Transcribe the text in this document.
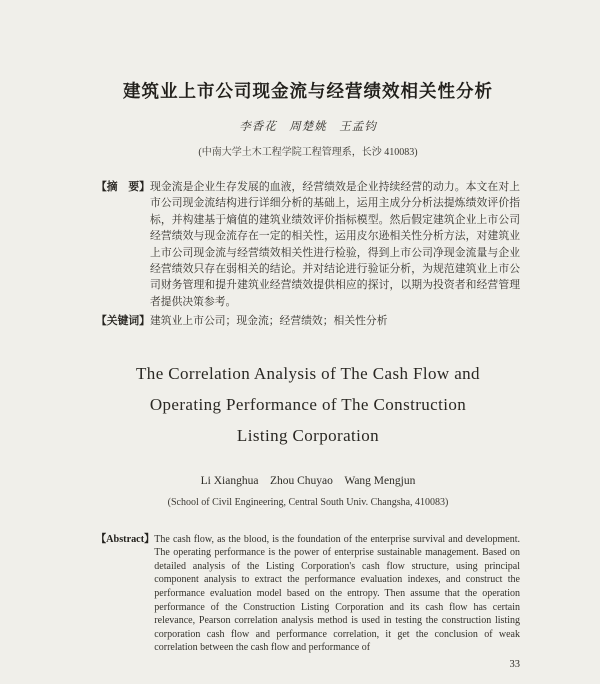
建筑业上市公司现金流与经营绩效相关性分析
李香花　周楚姚　王孟钧
(中南大学土木工程学院工程管理系，长沙 410083)
【摘　要】 现金流是企业生存发展的血液，经营绩效是企业持续经营的动力。本文在对上市公司现金流结构进行详细分析的基础上，运用主成分分析法提炼绩效评价指标，并构建基于熵值的建筑业绩效评价指标模型。然后假定建筑企业上市公司经营绩效与现金流存在一定的相关性，运用皮尔逊相关性分析方法，对建筑业上市公司现金流与经营绩效相关性进行检验，得到上市公司净现金流量与企业经营绩效只存在弱相关的结论。并对结论进行验证分析，为规范建筑业上市公司财务管理和提升建筑业经营绩效提供相应的探讨，以期为投资者和经营管理者提供决策参考。
【关键词】 建筑业上市公司；现金流；经营绩效；相关性分析
The Correlation Analysis of The Cash Flow and
Operating Performance of The Construction
Listing Corporation
Li Xianghua　Zhou Chuyao　Wang Mengjun
(School of Civil Engineering, Central South Univ. Changsha, 410083)
【Abstract】 The cash flow, as the blood, is the foundation of the enterprise survival and development. The operating performance is the power of enterprise sustainable management. Based on detailed analysis of the Listing Corporation's cash flow structure, using principal component analysis to extract the performance evaluation indexes, and construct the performance evaluation model based on the entropy. Then assume that the operation performance of the Construction Listing Corporation and its cash flow has certain relevance, Pearson correlation analysis method is used in testing the construction listing corporation cash flow and performance correlation, it get the conclusion of weak correlation between the cash flow and performance of
33
